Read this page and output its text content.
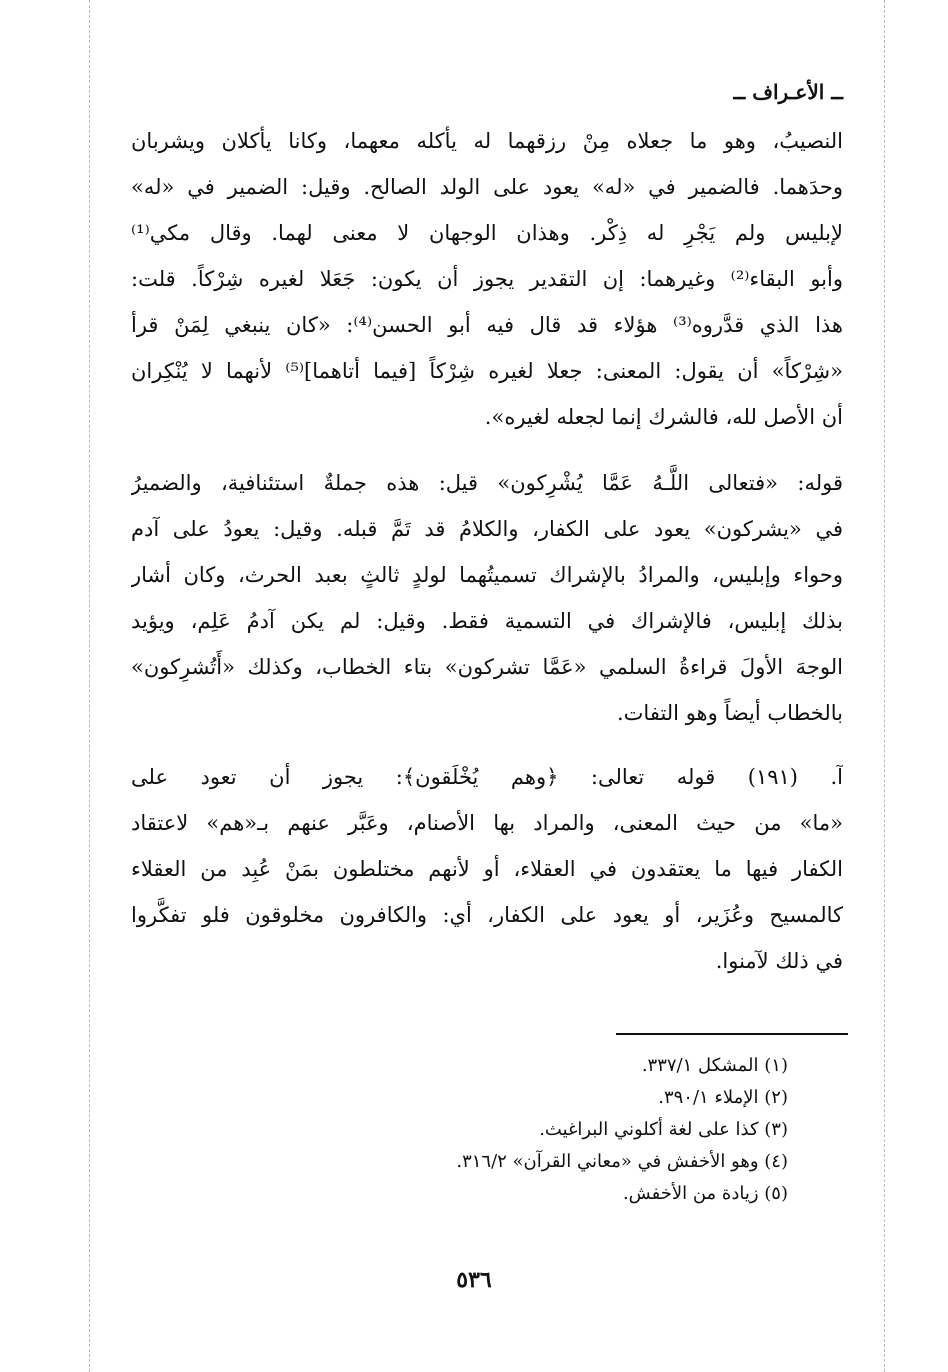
ــ الأعـراف ــ
النصيبُ، وهو ما جعلاه مِنْ رزقهما له يأكله معهما، وكانا يأكلان ويشربان
وحدَهما. فالضمير في «له» يعود على الولد الصالح. وقيل: الضمير في «له»
لإبليس ولم يَجْرِ له ذِكْر. وهذان الوجهان لا معنى لهما. وقال مكي⁽¹⁾
وأبو البقاء⁽²⁾ وغيرهما: إن التقدير يجوز أن يكون: جَعَلا لغيره شِرْكاً. قلت:
هذا الذي قدَّروه⁽³⁾ هؤلاء قد قال فيه أبو الحسن⁽⁴⁾: «كان ينبغي لِمَنْ قرأ
«شِرْكاً» أن يقول: المعنى: جعلا لغيره شِرْكاً [فيما أتاهما]⁽⁵⁾ لأنهما لا يُنْكِران
أن الأصل لله، فالشرك إنما لجعله لغيره».
قوله: «فتعالى اللَّـهُ عَمَّا يُشْرِكون» قيل: هذه جملةٌ استئنافية، والضميرُ
في «يشركون» يعود على الكفار، والكلامُ قد تَمَّ قبله. وقيل: يعودُ على آدم
وحواء وإبليس، والمرادُ بالإشراك تسميتُهما لولدٍ ثالثٍ بعبد الحرث، وكان أشار
بذلك إبليس، فالإشراك في التسمية فقط. وقيل: لم يكن آدمُ عَلِم، ويؤيد
الوجهَ الأولَ قراءةُ السلمي «عَمَّا تشركون» بتاء الخطاب، وكذلك «أَتُشرِكون»
بالخطاب أيضاً وهو التفات.
آ. (١٩١) قوله تعالى: ﴿وهم يُخْلَقون﴾: يجوز أن تعود على
«ما» من حيث المعنى، والمراد بها الأصنام، وعَبَّر عنهم بـ«هم» لاعتقاد
الكفار فيها ما يعتقدون في العقلاء، أو لأنهم مختلطون بمَنْ عُبِد من العقلاء
كالمسيح وعُزَير، أو يعود على الكفار، أي: والكافرون مخلوقون فلو تفكَّروا
في ذلك لآمنوا.
(١) المشكل ٣٣٧/١.
(٢) الإملاء ٣٩٠/١.
(٣) كذا على لغة أكلوني البراغيث.
(٤) وهو الأخفش في «معاني القرآن» ٣١٦/٢.
(٥) زيادة من الأخفش.
٥٣٦
